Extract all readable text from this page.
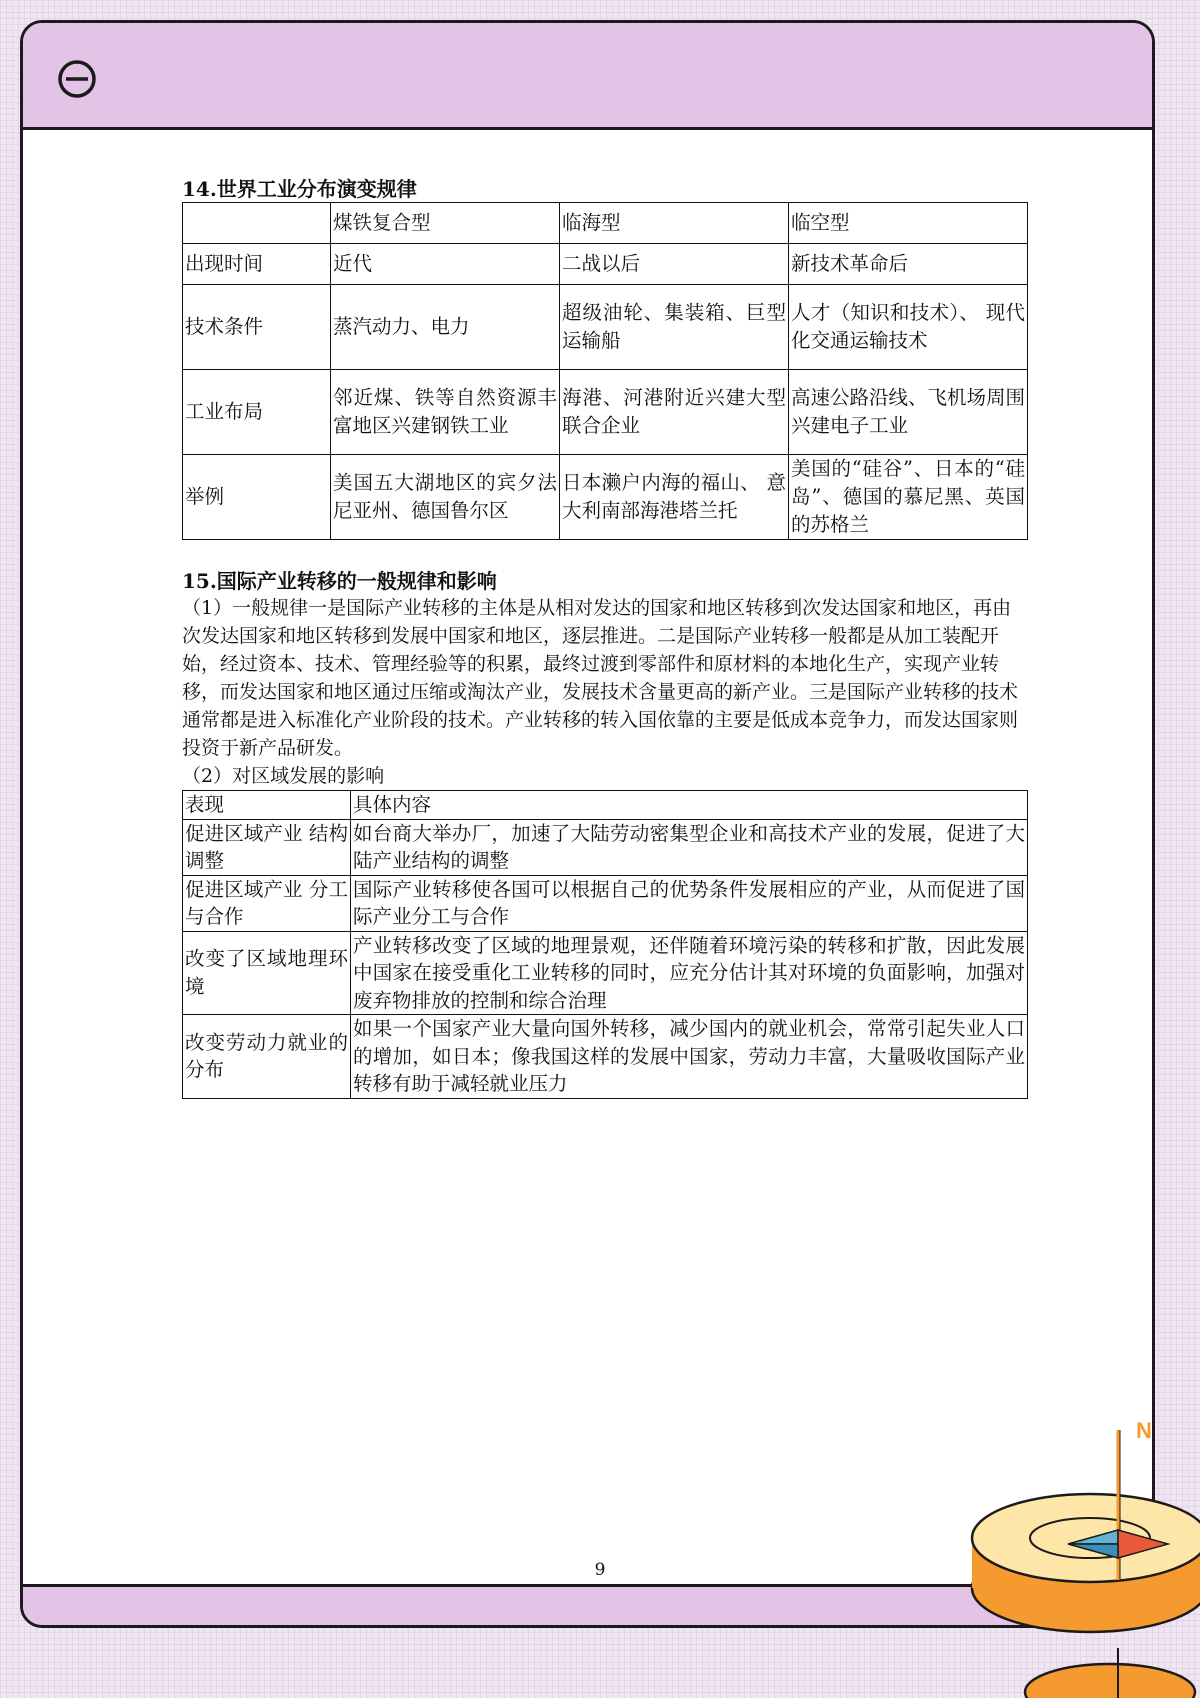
14.世界工业分布演变规律
	煤铁复合型	临海型	临空型
出现时间	近代	二战以后	新技术革命后
技术条件	蒸汽动力、电力	超级油轮、集装箱、巨型运输船	人才（知识和技术）、 现代化交通运输技术
工业布局	邻近煤、铁等自然资源丰富地区兴建钢铁工业	海港、河港附近兴建大型联合企业	高速公路沿线、飞机场周围兴建电子工业
举例	美国五大湖地区的宾夕法尼亚州、德国鲁尔区	日本濑户内海的福山、 意大利南部海港塔兰托	美国的“硅谷”、日本的“硅岛”、德国的慕尼黑、英国的苏格兰
15.国际产业转移的一般规律和影响
（1）一般规律一是国际产业转移的主体是从相对发达的国家和地区转移到次发达国家和地区，再由次发达国家和地区转移到发展中国家和地区，逐层推进。二是国际产业转移一般都是从加工装配开始，经过资本、技术、管理经验等的积累，最终过渡到零部件和原材料的本地化生产，实现产业转移，而发达国家和地区通过压缩或淘汰产业，发展技术含量更高的新产业。三是国际产业转移的技术通常都是进入标准化产业阶段的技术。产业转移的转入国依靠的主要是低成本竞争力，而发达国家则投资于新产品研发。
（2）对区域发展的影响
表现	具体内容
促进区域产业 结构调整	如台商大举办厂，加速了大陆劳动密集型企业和高技术产业的发展，促进了大陆产业结构的调整
促进区域产业 分工与合作	国际产业转移使各国可以根据自己的优势条件发展相应的产业，从而促进了国际产业分工与合作
改变了区域地理环境	产业转移改变了区域的地理景观，还伴随着环境污染的转移和扩散，因此发展中国家在接受重化工业转移的同时，应充分估计其对环境的负面影响，加强对废弃物排放的控制和综合治理
改变劳动力就业的分布	如果一个国家产业大量向国外转移，减少国内的就业机会，常常引起失业人口的增加，如日本；像我国这样的发展中国家，劳动力丰富，大量吸收国际产业转移有助于减轻就业压力
9
N
